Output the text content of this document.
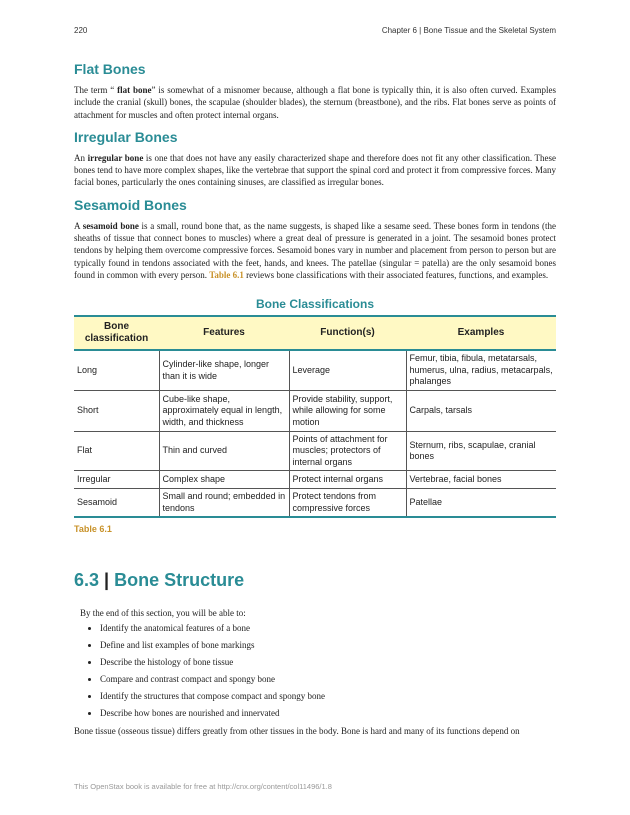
220	Chapter 6 | Bone Tissue and the Skeletal System
Flat Bones

The term “ flat bone” is somewhat of a misnomer because, although a flat bone is typically thin, it is also often curved. Examples include the cranial (skull) bones, the scapulae (shoulder blades), the sternum (breastbone), and the ribs. Flat bones serve as points of attachment for muscles and often protect internal organs.

Irregular Bones

An irregular bone is one that does not have any easily characterized shape and therefore does not fit any other classification. These bones tend to have more complex shapes, like the vertebrae that support the spinal cord and protect it from compressive forces. Many facial bones, particularly the ones containing sinuses, are classified as irregular bones.

Sesamoid Bones

A sesamoid bone is a small, round bone that, as the name suggests, is shaped like a sesame seed. These bones form in tendons (the sheaths of tissue that connect bones to muscles) where a great deal of pressure is generated in a joint. The sesamoid bones protect tendons by helping them overcome compressive forces. Sesamoid bones vary in number and placement from person to person but are typically found in tendons associated with the feet, hands, and knees. The patellae (singular = patella) are the only sesamoid bones found in common with every person. Table 6.1 reviews bone classifications with their associated features, functions, and examples.

Bone Classifications
Bone classification	Features	Function(s)	Examples
Long	Cylinder-like shape, longer than it is wide	Leverage	Femur, tibia, fibula, metatarsals, humerus, ulna, radius, metacarpals, phalanges
Short	Cube-like shape, approximately equal in length, width, and thickness	Provide stability, support, while allowing for some motion	Carpals, tarsals
Flat	Thin and curved	Points of attachment for muscles; protectors of internal organs	Sternum, ribs, scapulae, cranial bones
Irregular	Complex shape	Protect internal organs	Vertebrae, facial bones
Sesamoid	Small and round; embedded in tendons	Protect tendons from compressive forces	Patellae
Table 6.1
6.3 | Bone Structure

By the end of this section, you will be able to:

• Identify the anatomical features of a bone
• Define and list examples of bone markings
• Describe the histology of bone tissue
• Compare and contrast compact and spongy bone
• Identify the structures that compose compact and spongy bone
• Describe how bones are nourished and innervated

Bone tissue (osseous tissue) differs greatly from other tissues in the body. Bone is hard and many of its functions depend on

This OpenStax book is available for free at http://cnx.org/content/col11496/1.8
